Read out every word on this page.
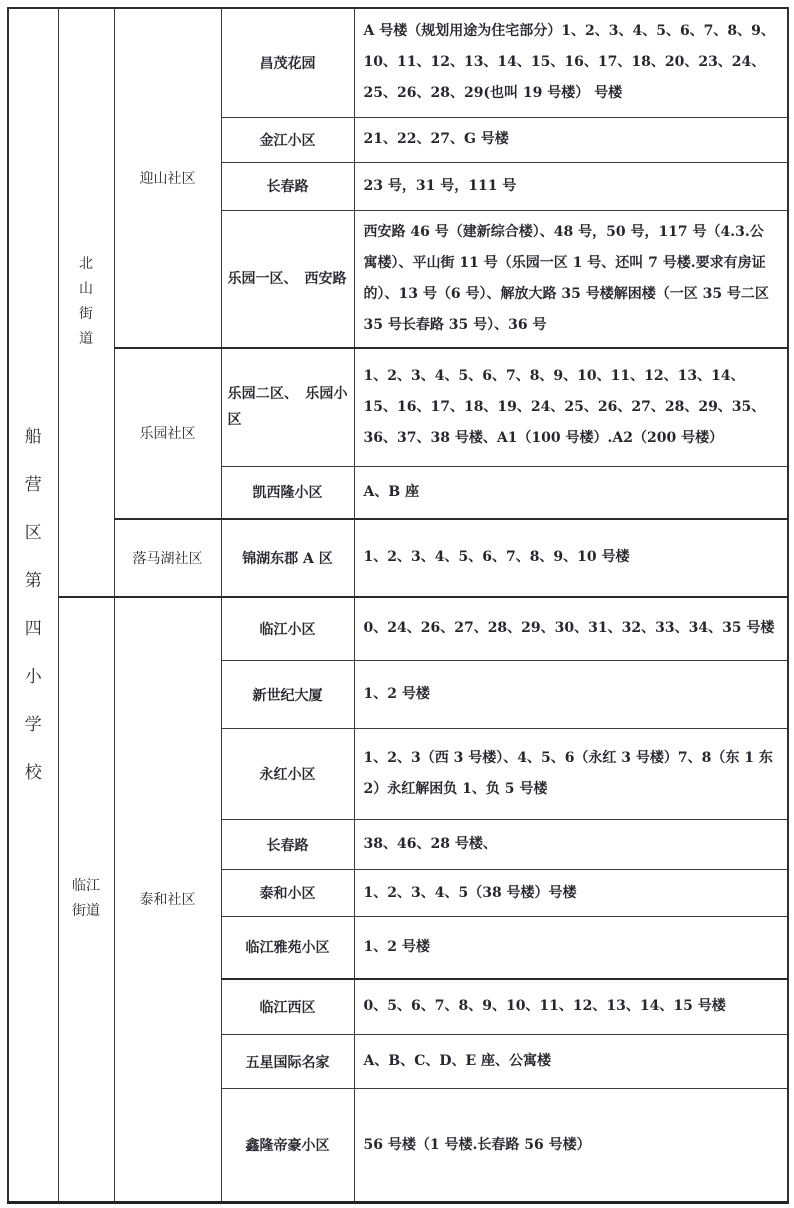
船营区第四小学校	北山街道	迎山社区	昌茂花园	A 号楼（规划用途为住宅部分）1、2、3、4、5、6、7、8、9、10、11、12、13、14、15、16、17、18、20、23、24、25、26、28、29(也叫 19 号楼） 号楼
			金江小区	21、22、27、G 号楼
			长春路	23 号，31 号，111 号

			乐园一区、　西安路	西安路 46 号（建新综合楼）、48 号，50 号，117 号（4.3.公寓楼）、平山街 11 号（乐园一区 1 号、还叫 7 号楼.要求有房证的）、13 号（6 号）、解放大路 35 号楼解困楼（一区 35 号二区 35 号长春路 35 号）、36 号
		乐园社区	乐园二区、　乐园小区	1、2、3、4、5、6、7、8、9、10、11、12、13、14、15、16、17、18、19、24、25、26、27、28、29、35、36、37、38 号楼、A1（100 号楼）.A2（200 号楼）
			凯西隆小区	A、B 座
		落马湖社区	锦湖东郡 A 区	1、2、3、4、5、6、7、8、9、10 号楼

	临江街道	泰和社区	临江小区	0、24、26、27、28、29、30、31、32、33、34、35 号楼
			新世纪大厦	1、2 号楼
			永红小区	1、2、3（西 3 号楼）、4、5、6（永红 3 号楼）7、8（东 1 东 2）永红解困负 1、负 5 号楼
			长春路	38、46、28 号楼、
			泰和小区	1、2、3、4、5（38 号楼）号楼
			临江雅苑小区	1、2 号楼
			临江西区	0、5、6、7、8、9、10、11、12、13、14、15 号楼
			五星国际名家	A、B、C、D、E 座、公寓楼
			鑫隆帝豪小区	56 号楼（1 号楼.长春路 56 号楼）
